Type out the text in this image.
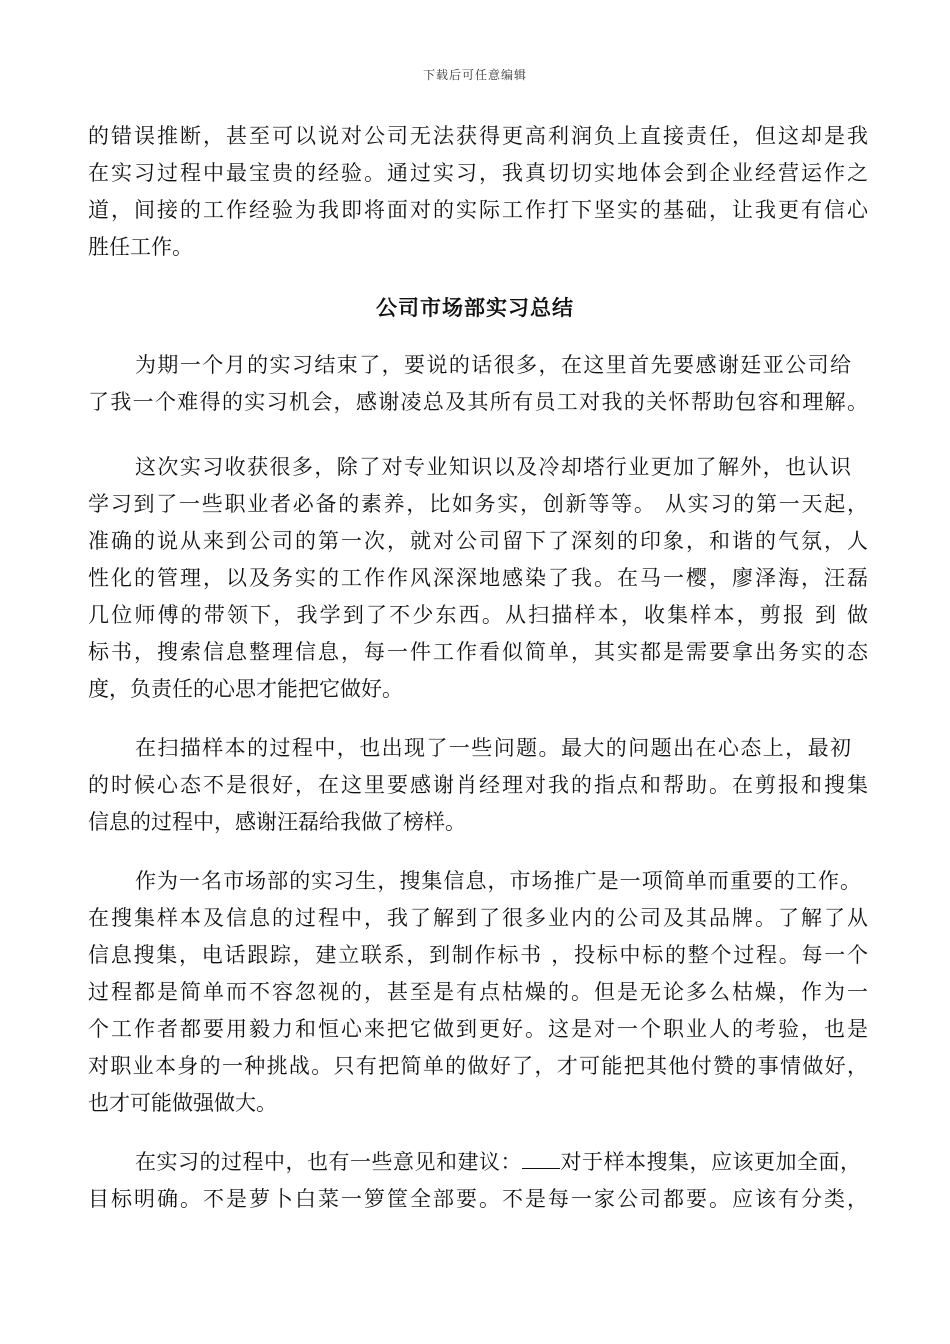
下载后可任意编辑
的错误推断，甚至可以说对公司无法获得更高利润负上直接责任，但这却是我
在实习过程中最宝贵的经验。通过实习，我真切切实地体会到企业经营运作之
道，间接的工作经验为我即将面对的实际工作打下坚实的基础，让我更有信心
胜任工作。
公司市场部实习总结
为期一个月的实习结束了，要说的话很多，在这里首先要感谢廷亚公司给
了我一个难得的实习机会，感谢凌总及其所有员工对我的关怀帮助包容和理解。
这次实习收获很多，除了对专业知识以及冷却塔行业更加了解外，也认识
学习到了一些职业者必备的素养，比如务实，创新等等。 从实习的第一天起，
准确的说从来到公司的第一次，就对公司留下了深刻的印象，和谐的气氛，人
性化的管理，以及务实的工作作风深深地感染了我。在马一樱，廖泽海，汪磊
几位师傅的带领下，我学到了不少东西。从扫描样本，收集样本，剪报 到 做
标书，搜索信息整理信息，每一件工作看似简单，其实都是需要拿出务实的态
度，负责任的心思才能把它做好。
在扫描样本的过程中，也出现了一些问题。最大的问题出在心态上，最初
的时候心态不是很好，在这里要感谢肖经理对我的指点和帮助。在剪报和搜集
信息的过程中，感谢汪磊给我做了榜样。
作为一名市场部的实习生，搜集信息，市场推广是一项简单而重要的工作。
在搜集样本及信息的过程中，我了解到了很多业内的公司及其品牌。了解了从
信息搜集，电话跟踪，建立联系，到制作标书 ，投标中标的整个过程。每一个
过程都是简单而不容忽视的，甚至是有点枯燥的。但是无论多么枯燥，作为一
个工作者都要用毅力和恒心来把它做到更好。这是对一个职业人的考验，也是
对职业本身的一种挑战。只有把简单的做好了，才可能把其他付赞的事情做好，
也才可能做强做大。
在实习的过程中，也有一些意见和建议： 对于样本搜集，应该更加全面，
目标明确。不是萝卜白菜一箩筐全部要。不是每一家公司都要。应该有分类，
